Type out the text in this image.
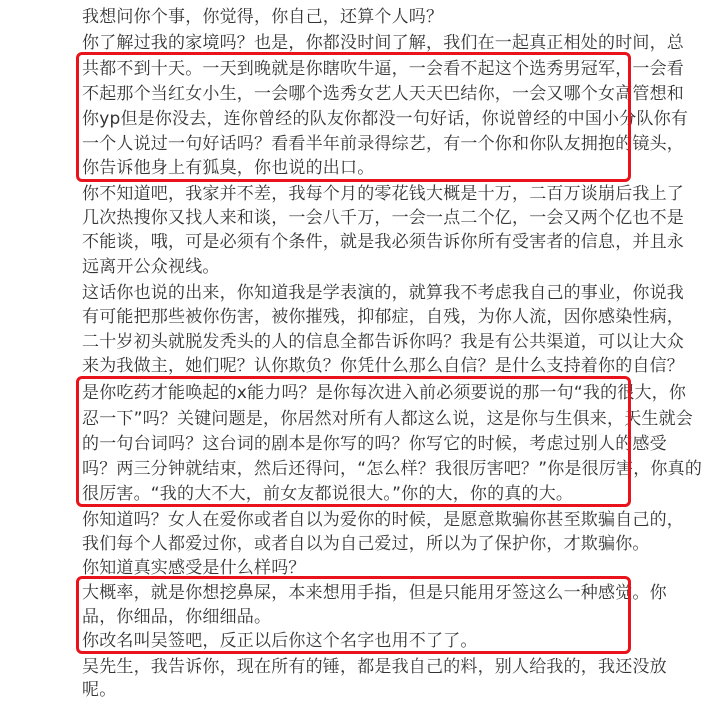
我想问你个事，你觉得，你自己，还算个人吗？
你了解过我的家境吗？也是，你都没时间了解，我们在一起真正相处的时间，总
共都不到十天。一天到晚就是你瞎吹牛逼，一会看不起这个选秀男冠军，一会看
不起那个当红女小生，一会哪个选秀女艺人天天巴结你，一会又哪个女高管想和
你yp但是你没去，连你曾经的队友你都没一句好话，你说曾经的中国小分队你有
一个人说过一句好话吗？看看半年前录得综艺，有一个你和你队友拥抱的镜头，
你告诉他身上有狐臭，你也说的出口。
你不知道吧，我家并不差，我每个月的零花钱大概是十万，二百万谈崩后我上了
几次热搜你又找人来和谈，一会八千万，一会一点二个亿，一会又两个亿也不是
不能谈，哦，可是必须有个条件，就是我必须告诉你所有受害者的信息，并且永
远离开公众视线。
这话你也说的出来，你知道我是学表演的，就算我不考虑我自己的事业，你说我
有可能把那些被你伤害，被你摧残，抑郁症，自残，为你人流，因你感染性病，
二十岁初头就脱发秃头的人的信息全都告诉你吗？我是有公共渠道，可以让大众
来为我做主，她们呢？认你欺负？你凭什么那么自信？是什么支持着你的自信？
是你吃药才能唤起的x能力吗？是你每次进入前必须要说的那一句“我的很大，你
忍一下”吗？关键问题是，你居然对所有人都这么说，这是你与生俱来，天生就会
的一句台词吗？这台词的剧本是你写的吗？你写它的时候，考虑过别人的感受
吗？两三分钟就结束，然后还得问，“怎么样？我很厉害吧？”你是很厉害，你真的
很厉害。“我的大不大，前女友都说很大。”你的大，你的真的大。
你知道吗？女人在爱你或者自以为爱你的时候，是愿意欺骗你甚至欺骗自己的，
我们每个人都爱过你，或者自以为自己爱过，所以为了保护你，才欺骗你。
你知道真实感受是什么样吗？
大概率，就是你想挖鼻屎，本来想用手指，但是只能用牙签这么一种感觉。你
品，你细品，你细细品。
你改名叫吴签吧，反正以后你这个名字也用不了了。
吴先生，我告诉你，现在所有的锤，都是我自己的料，别人给我的，我还没放
呢。
